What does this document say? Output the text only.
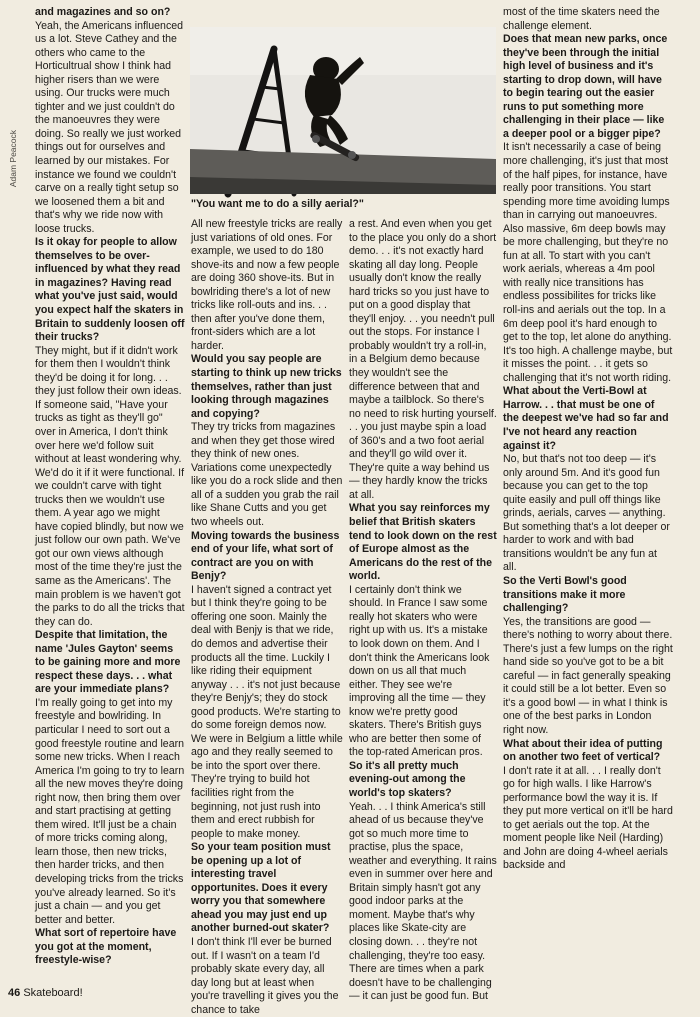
and magazines and so on?

Yeah, the Americans influenced us a lot. Steve Cathey and the others who came to the Horticultrual show I think had higher risers than we were using. Our trucks were much tighter and we just couldn't do the manoeuvres they were doing. So really we just worked things out for ourselves and learned by our mistakes. For instance we found we couldn't carve on a really tight setup so we loosened them a bit and that's why we ride now with loose trucks.

Is it okay for people to allow themselves to be over-influenced by what they read in magazines? Having read what you've just said, would you expect half the skaters in Britain to suddenly loosen off their trucks?

They might, but if it didn't work for them then I wouldn't think they'd be doing it for long. . . they just follow their own ideas. If someone said, "Have your trucks as tight as they'll go" over in America, I don't think over here we'd follow suit without at least wondering why. We'd do it if it were functional. If we couldn't carve with tight trucks then we wouldn't use them. A year ago we might have copied blindly, but now we just follow our own path. We've got our own views although most of the time they're just the same as the Americans'. The main problem is we haven't got the parks to do all the tricks that they can do.

Despite that limitation, the name 'Jules Gayton' seems to be gaining more and more respect these days. . . what are your immediate plans?

I'm really going to get into my freestyle and bowlriding. In particular I need to sort out a good freestyle routine and learn some new tricks. When I reach America I'm going to try to learn all the new moves they're doing right now, then bring them over and start practising at getting them wired. It'll just be a chain of more tricks coming along, learn those, then new tricks, then harder tricks, and then developing tricks from the tricks you've already learned. So it's just a chain — and you get better and better.

What sort of repertoire have you got at the moment, freestyle-wise?

"You want me to do a silly aerial?"
Adam Peacock

All new freestyle tricks are really just variations of old ones. For example, we used to do 180 shove-its and now a few people are doing 360 shove-its. But in bowlriding there's a lot of new tricks like roll-outs and ins. . . then after you've done them, front-siders which are a lot harder.

Would you say people are starting to think up new tricks themselves, rather than just looking through magazines and copying?

They try tricks from magazines and when they get those wired they think of new ones. Variations come unexpectedly like you do a rock slide and then all of a sudden you grab the rail like Shane Cutts and you get two wheels out.

Moving towards the business end of your life, what sort of contract are you on with Benjy?

I haven't signed a contract yet but I think they're going to be offering one soon. Mainly the deal with Benjy is that we ride, do demos and advertise their products all the time. Luckily I like riding their equipment anyway . . . it's not just because they're Benjy's; they do stock good products. We're starting to do some foreign demos now. We were in Belgium a little while ago and they really seemed to be into the sport over there. They're trying to build hot facilities right from the beginning, not just rush into them and erect rubbish for people to make money.

So your team position must be opening up a lot of interesting travel opportunites. Does it every worry you that somewhere ahead you may just end up another burned-out skater?

I don't think I'll ever be burned out. If I wasn't on a team I'd probably skate every day, all day long but at least when you're travelling it gives you the chance to take

a rest. And even when you get to the place you only do a short demo. . . it's not exactly hard skating all day long. People usually don't know the really hard tricks so you just have to put on a good display that they'll enjoy. . . you needn't pull out the stops. For instance I probably wouldn't try a roll-in, in a Belgium demo because they wouldn't see the difference between that and maybe a tailblock. So there's no need to risk hurting yourself. . . you just maybe spin a load of 360's and a two foot aerial and they'll go wild over it. They're quite a way behind us — they hardly know the tricks at all.

What you say reinforces my belief that British skaters tend to look down on the rest of Europe almost as the Americans do the rest of the world.

I certainly don't think we should. In France I saw some really hot skaters who were right up with us. It's a mistake to look down on them. And I don't think the Americans look down on us all that much either. They see we're improving all the time — they know we're pretty good skaters. There's British guys who are better then some of the top-rated American pros.

So it's all pretty much evening-out among the world's top skaters?

Yeah. . . I think America's still ahead of us because they've got so much more time to practise, plus the space, weather and everything. It rains even in summer over here and Britain simply hasn't got any good indoor parks at the moment. Maybe that's why places like Skate-city are closing down. . . they're not challenging, they're too easy. There are times when a park doesn't have to be challenging — it can just be good fun. But

most of the time skaters need the challenge element.

Does that mean new parks, once they've been through the initial high level of business and it's starting to drop down, will have to begin tearing out the easier runs to put something more challenging in their place — like a deeper pool or a bigger pipe?

It isn't necessarily a case of being more challenging, it's just that most of the half pipes, for instance, have really poor transitions. You start spending more time avoiding lumps than in carrying out manoeuvres. Also massive, 6m deep bowls may be more challenging, but they're no fun at all. To start with you can't work aerials, whereas a 4m pool with really nice transitions has endless possibilites for tricks like roll-ins and aerials out the top. In a 6m deep pool it's hard enough to get to the top, let alone do anything. It's too high. A challenge maybe, but it misses the point. . . it gets so challenging that it's not worth riding.

What about the Verti-Bowl at Harrow. . . that must be one of the deepest we've had so far and I've not heard any reaction against it?

No, but that's not too deep — it's only around 5m. And it's good fun because you can get to the top quite easily and pull off things like grinds, aerials, carves — anything. But something that's a lot deeper or harder to work and with bad transitions wouldn't be any fun at all.

So the Verti Bowl's good transitions make it more challenging?

Yes, the transitions are good — there's nothing to worry about there. There's just a few lumps on the right hand side so you've got to be a bit careful — in fact generally speaking it could still be a lot better. Even so it's a good bowl — in what I think is one of the best parks in London right now.

What about their idea of putting on another two feet of vertical?

I don't rate it at all. . . I really don't go for high walls. I like Harrow's performance bowl the way it is. If they put more vertical on it'll be hard to get aerials out the top. At the moment people like Neil (Harding) and John are doing 4-wheel aerials backside and

46 Skateboard!
